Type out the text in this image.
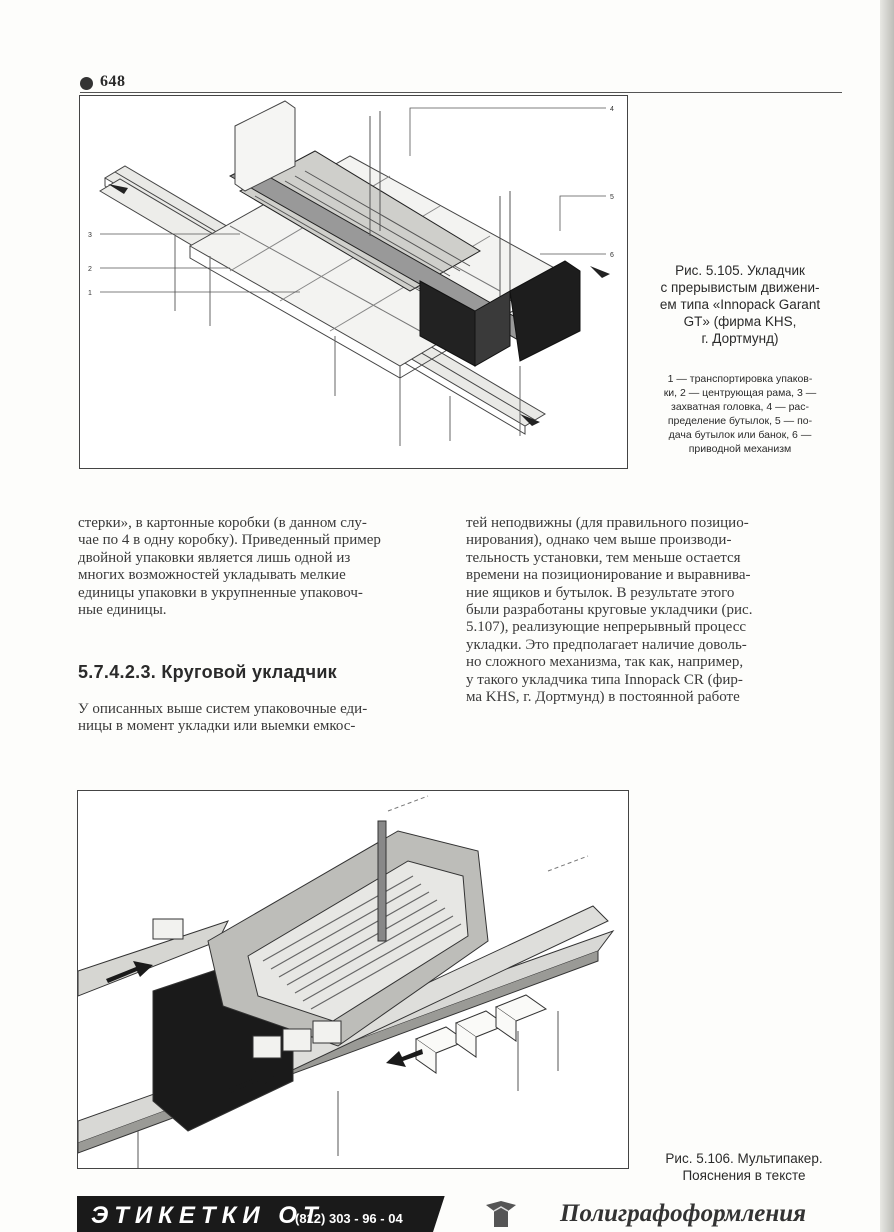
648
1
2
3
4
5
6
Рис. 5.105. Укладчик
с прерывистым движени-
ем типа «Innopack Garant
GT» (фирма KHS,
г. Дортмунд)
1 — транспортировка упаков-
ки, 2 — центрующая рама, 3 —
захватная головка, 4 — рас-
пределение бутылок, 5 — по-
дача бутылок или банок, 6 —
приводной механизм
стерки», в картонные коробки (в данном слу-
чае по 4 в одну коробку). Приведенный пример
двойной упаковки является лишь одной из
многих возможностей укладывать мелкие
единицы упаковки в укрупненные упаковоч-
ные единицы.
5.7.4.2.3. Круговой укладчик
У описанных выше систем упаковочные еди-
ницы в момент укладки или выемки емкос-
тей неподвижны (для правильного позицио-
нирования), однако чем выше производи-
тельность установки, тем меньше остается
времени на позиционирование и выравнива-
ние ящиков и бутылок. В результате этого
были разработаны круговые укладчики (рис.
5.107), реализующие непрерывный процесс
укладки. Это предполагает наличие доволь-
но сложного механизма, так как, например,
у такого укладчика типа Innopack CR (фир-
ма KHS, г. Дортмунд) в постоянной работе
Рис. 5.106. Мультипакер.
Пояснения в тексте
ЭТИКЕТКИ ОТ
(812) 303 - 96 - 04	Полиграфоформления
